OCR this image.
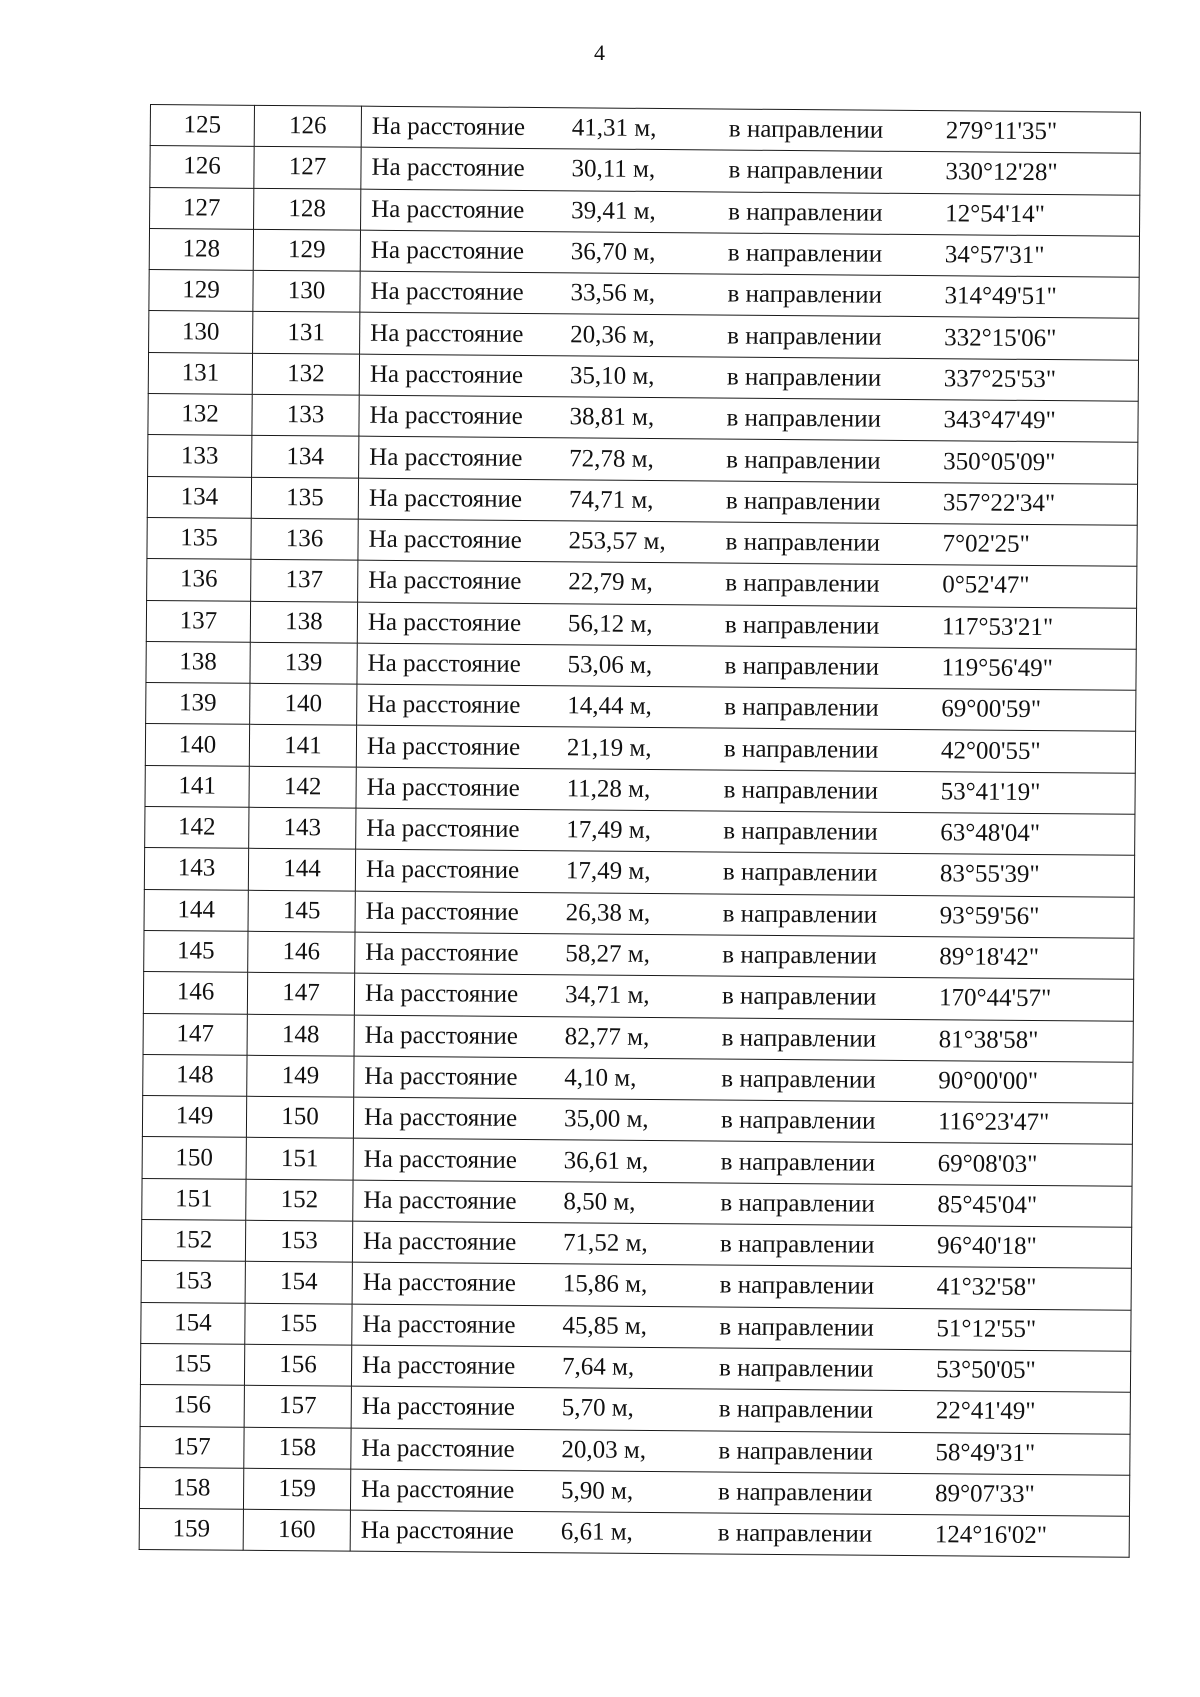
4
125	126	На расстояние 41,31 м, в направлении 279°11'35"
126	127	На расстояние 30,11 м, в направлении 330°12'28"
127	128	На расстояние 39,41 м, в направлении 12°54'14"
128	129	На расстояние 36,70 м, в направлении 34°57'31"
129	130	На расстояние 33,56 м, в направлении 314°49'51"
130	131	На расстояние 20,36 м, в направлении 332°15'06"
131	132	На расстояние 35,10 м, в направлении 337°25'53"
132	133	На расстояние 38,81 м, в направлении 343°47'49"
133	134	На расстояние 72,78 м, в направлении 350°05'09"
134	135	На расстояние 74,71 м, в направлении 357°22'34"
135	136	На расстояние 253,57 м, в направлении 7°02'25"
136	137	На расстояние 22,79 м, в направлении 0°52'47"
137	138	На расстояние 56,12 м, в направлении 117°53'21"
138	139	На расстояние 53,06 м, в направлении 119°56'49"
139	140	На расстояние 14,44 м, в направлении 69°00'59"
140	141	На расстояние 21,19 м, в направлении 42°00'55"
141	142	На расстояние 11,28 м, в направлении 53°41'19"
142	143	На расстояние 17,49 м, в направлении 63°48'04"
143	144	На расстояние 17,49 м, в направлении 83°55'39"
144	145	На расстояние 26,38 м, в направлении 93°59'56"
145	146	На расстояние 58,27 м, в направлении 89°18'42"
146	147	На расстояние 34,71 м, в направлении 170°44'57"
147	148	На расстояние 82,77 м, в направлении 81°38'58"
148	149	На расстояние 4,10 м, в направлении 90°00'00"
149	150	На расстояние 35,00 м, в направлении 116°23'47"
150	151	На расстояние 36,61 м, в направлении 69°08'03"
151	152	На расстояние 8,50 м, в направлении 85°45'04"
152	153	На расстояние 71,52 м, в направлении 96°40'18"
153	154	На расстояние 15,86 м, в направлении 41°32'58"
154	155	На расстояние 45,85 м, в направлении 51°12'55"
155	156	На расстояние 7,64 м, в направлении 53°50'05"
156	157	На расстояние 5,70 м, в направлении 22°41'49"
157	158	На расстояние 20,03 м, в направлении 58°49'31"
158	159	На расстояние 5,90 м, в направлении 89°07'33"
159	160	На расстояние 6,61 м, в направлении 124°16'02"
